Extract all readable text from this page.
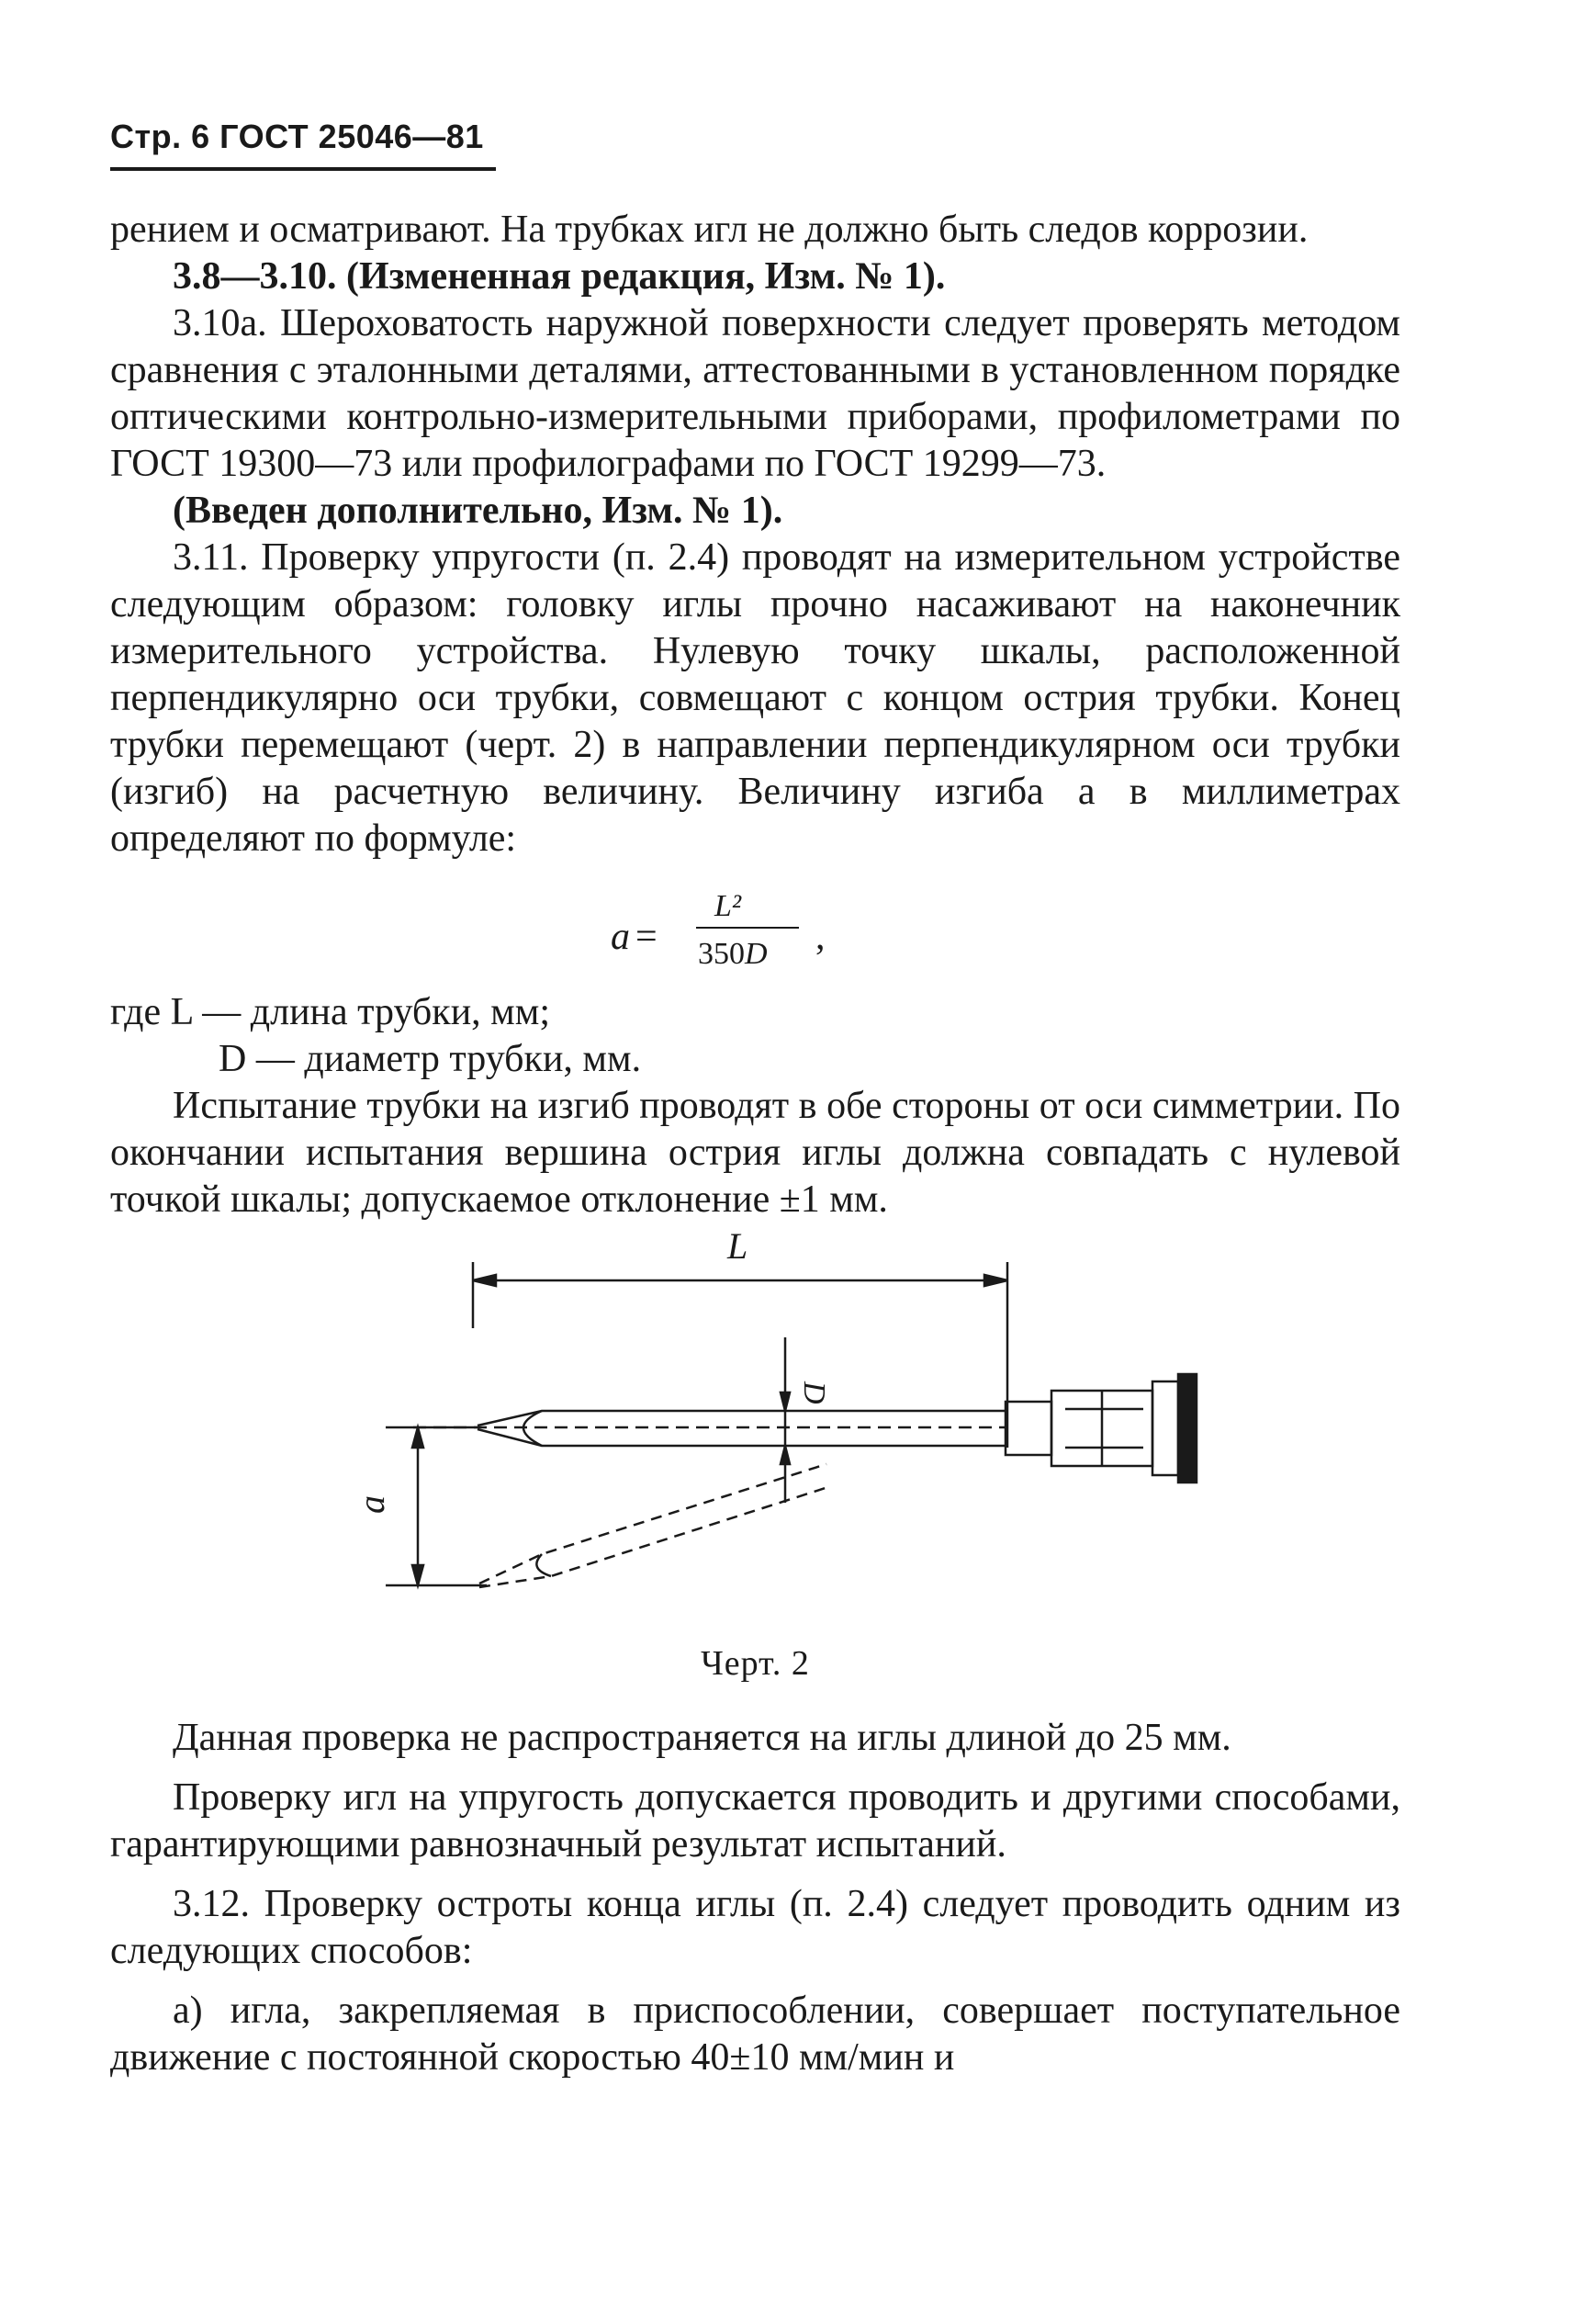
Стр. 6 ГОСТ 25046—81

рением и осматривают. На трубках игл не должно быть следов коррозии.

3.8—3.10. (Измененная редакция, Изм. № 1).

3.10а. Шероховатость наружной поверхности следует проверять методом сравнения с эталонными деталями, аттестованными в установленном порядке оптическими контрольно-измерительными приборами, профилометрами по ГОСТ 19300—73 или профилографами по ГОСТ 19299—73.

(Введен дополнительно, Изм. № 1).

3.11. Проверку упругости (п. 2.4) проводят на измерительном устройстве следующим образом: головку иглы прочно насаживают на наконечник измерительного устройства. Нулевую точку шкалы, расположенной перпендикулярно оси трубки, совмещают с концом острия трубки. Конец трубки перемещают (черт. 2) в направлении перпендикулярном оси трубки (изгиб) на расчетную величину. Величину изгиба a в миллиметрах определяют по формуле:

a =
L²
350D ,

где L — длина трубки, мм;

D — диаметр трубки, мм.

Испытание трубки на изгиб проводят в обе стороны от оси симметрии. По окончании испытания вершина острия иглы должна совпадать с нулевой точкой шкалы; допускаемое отклонение ±1 мм.

L
D
a

Черт. 2

Данная проверка не распространяется на иглы длиной до 25 мм.

Проверку игл на упругость допускается проводить и другими способами, гарантирующими равнозначный результат испытаний.

3.12. Проверку остроты конца иглы (п. 2.4) следует проводить одним из следующих способов:

а) игла, закрепляемая в приспособлении, совершает поступательное движение с постоянной скоростью 40±10 мм/мин и
